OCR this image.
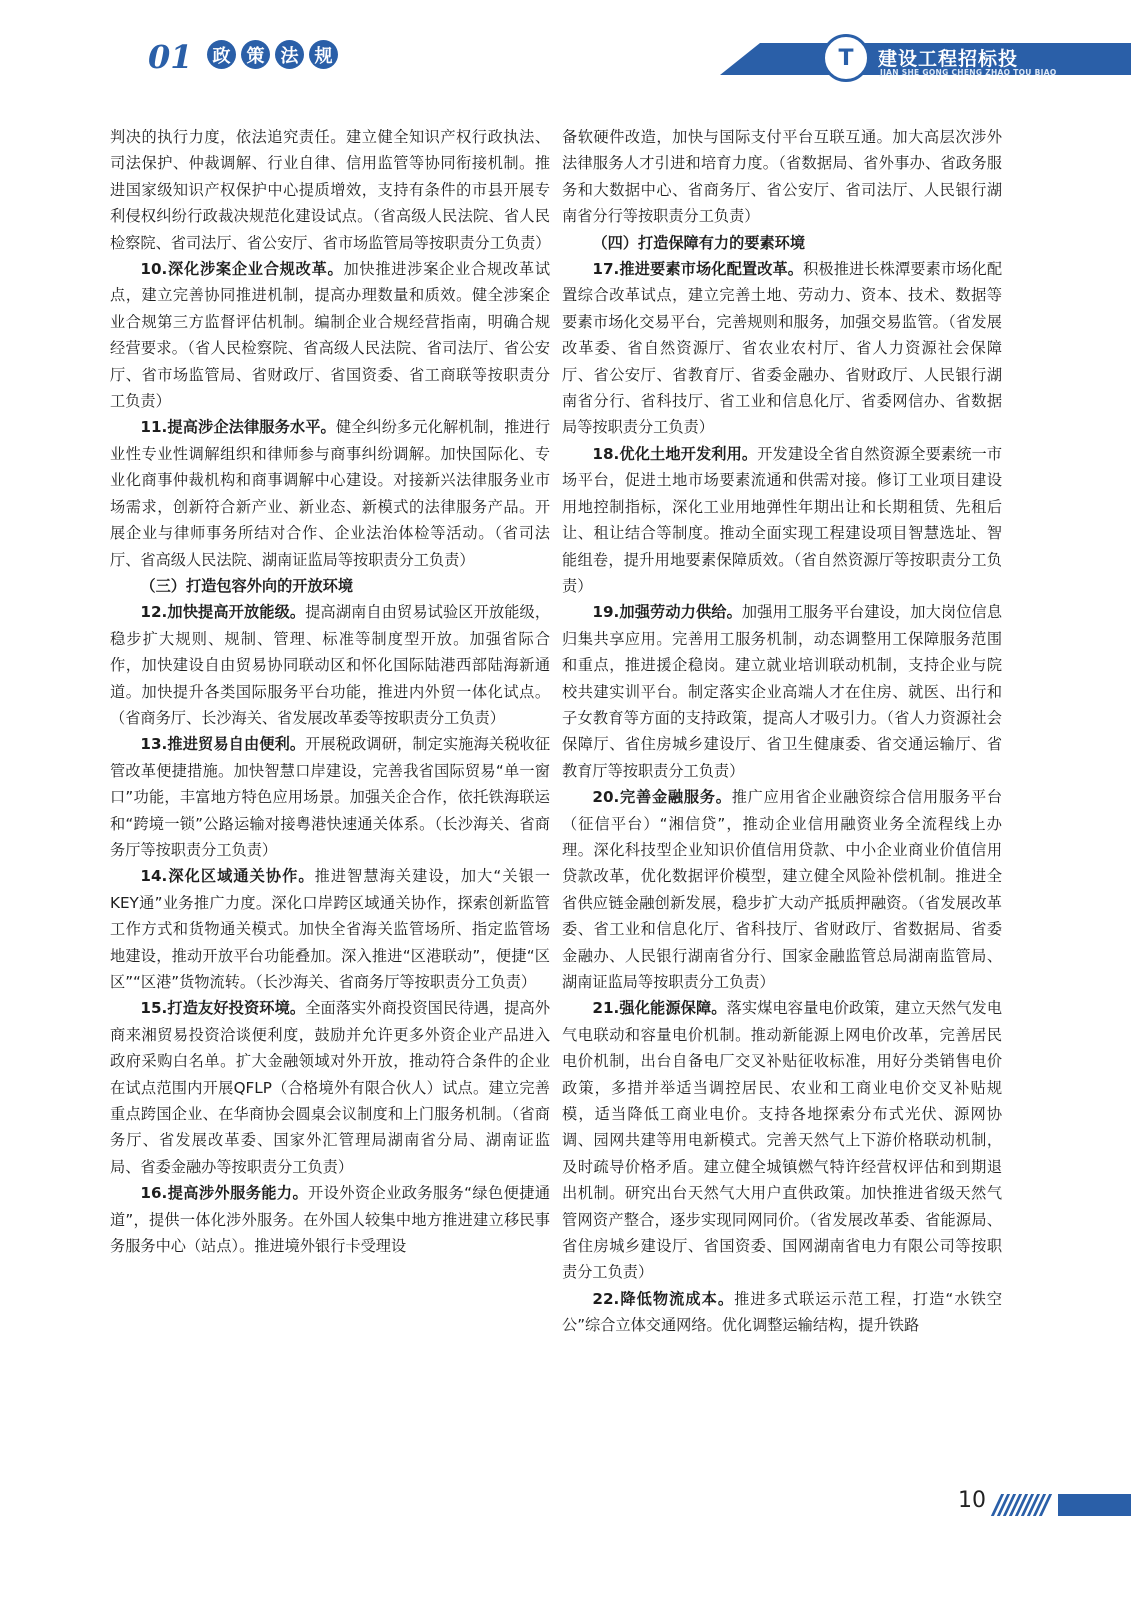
01	政 策 法 规	T	建设工程招标投
JIAN SHE GONG CHENG ZHAO TOU BIAO

判决的执行力度，依法追究责任。建立健全知识产权行政执法、司法保护、仲裁调解、行业自律、信用监管等协同衔接机制。推进国家级知识产权保护中心提质增效，支持有条件的市县开展专利侵权纠纷行政裁决规范化建设试点。（省高级人民法院、省人民检察院、省司法厅、省公安厅、省市场监管局等按职责分工负责）

10.深化涉案企业合规改革。加快推进涉案企业合规改革试点，建立完善协同推进机制，提高办理数量和质效。健全涉案企业合规第三方监督评估机制。编制企业合规经营指南，明确合规经营要求。（省人民检察院、省高级人民法院、省司法厅、省公安厅、省市场监管局、省财政厅、省国资委、省工商联等按职责分工负责）

11.提高涉企法律服务水平。健全纠纷多元化解机制，推进行业性专业性调解组织和律师参与商事纠纷调解。加快国际化、专业化商事仲裁机构和商事调解中心建设。对接新兴法律服务业市场需求，创新符合新产业、新业态、新模式的法律服务产品。开展企业与律师事务所结对合作、企业法治体检等活动。（省司法厅、省高级人民法院、湖南证监局等按职责分工负责）

（三）打造包容外向的开放环境

12.加快提高开放能级。提高湖南自由贸易试验区开放能级，稳步扩大规则、规制、管理、标准等制度型开放。加强省际合作，加快建设自由贸易协同联动区和怀化国际陆港西部陆海新通道。加快提升各类国际服务平台功能，推进内外贸一体化试点。（省商务厅、长沙海关、省发展改革委等按职责分工负责）

13.推进贸易自由便利。开展税政调研，制定实施海关税收征管改革便捷措施。加快智慧口岸建设，完善我省国际贸易“单一窗口”功能，丰富地方特色应用场景。加强关企合作，依托铁海联运和“跨境一锁”公路运输对接粤港快速通关体系。（长沙海关、省商务厅等按职责分工负责）

14.深化区域通关协作。推进智慧海关建设，加大“关银一KEY通”业务推广力度。深化口岸跨区域通关协作，探索创新监管工作方式和货物通关模式。加快全省海关监管场所、指定监管场地建设，推动开放平台功能叠加。深入推进“区港联动”，便捷“区区”“区港”货物流转。（长沙海关、省商务厅等按职责分工负责）

15.打造友好投资环境。全面落实外商投资国民待遇，提高外商来湘贸易投资洽谈便利度，鼓励并允许更多外资企业产品进入政府采购白名单。扩大金融领域对外开放，推动符合条件的企业在试点范围内开展QFLP（合格境外有限合伙人）试点。建立完善重点跨国企业、在华商协会圆桌会议制度和上门服务机制。（省商务厅、省发展改革委、国家外汇管理局湖南省分局、湖南证监局、省委金融办等按职责分工负责）

16.提高涉外服务能力。开设外资企业政务服务“绿色便捷通道”，提供一体化涉外服务。在外国人较集中地方推进建立移民事务服务中心（站点）。推进境外银行卡受理设

备软硬件改造，加快与国际支付平台互联互通。加大高层次涉外法律服务人才引进和培育力度。（省数据局、省外事办、省政务服务和大数据中心、省商务厅、省公安厅、省司法厅、人民银行湖南省分行等按职责分工负责）

（四）打造保障有力的要素环境

17.推进要素市场化配置改革。积极推进长株潭要素市场化配置综合改革试点，建立完善土地、劳动力、资本、技术、数据等要素市场化交易平台，完善规则和服务，加强交易监管。（省发展改革委、省自然资源厅、省农业农村厅、省人力资源社会保障厅、省公安厅、省教育厅、省委金融办、省财政厅、人民银行湖南省分行、省科技厅、省工业和信息化厅、省委网信办、省数据局等按职责分工负责）

18.优化土地开发利用。开发建设全省自然资源全要素统一市场平台，促进土地市场要素流通和供需对接。修订工业项目建设用地控制指标，深化工业用地弹性年期出让和长期租赁、先租后让、租让结合等制度。推动全面实现工程建设项目智慧选址、智能组卷，提升用地要素保障质效。（省自然资源厅等按职责分工负责）

19.加强劳动力供给。加强用工服务平台建设，加大岗位信息归集共享应用。完善用工服务机制，动态调整用工保障服务范围和重点，推进援企稳岗。建立就业培训联动机制，支持企业与院校共建实训平台。制定落实企业高端人才在住房、就医、出行和子女教育等方面的支持政策，提高人才吸引力。（省人力资源社会保障厅、省住房城乡建设厅、省卫生健康委、省交通运输厅、省教育厅等按职责分工负责）

20.完善金融服务。推广应用省企业融资综合信用服务平台（征信平台）“湘信贷”，推动企业信用融资业务全流程线上办理。深化科技型企业知识价值信用贷款、中小企业商业价值信用贷款改革，优化数据评价模型，建立健全风险补偿机制。推进全省供应链金融创新发展，稳步扩大动产抵质押融资。（省发展改革委、省工业和信息化厅、省科技厅、省财政厅、省数据局、省委金融办、人民银行湖南省分行、国家金融监管总局湖南监管局、湖南证监局等按职责分工负责）

21.强化能源保障。落实煤电容量电价政策，建立天然气发电气电联动和容量电价机制。推动新能源上网电价改革，完善居民电价机制，出台自备电厂交叉补贴征收标准，用好分类销售电价政策，多措并举适当调控居民、农业和工商业电价交叉补贴规模，适当降低工商业电价。支持各地探索分布式光伏、源网协调、园网共建等用电新模式。完善天然气上下游价格联动机制，及时疏导价格矛盾。建立健全城镇燃气特许经营权评估和到期退出机制。研究出台天然气大用户直供政策。加快推进省级天然气管网资产整合，逐步实现同网同价。（省发展改革委、省能源局、省住房城乡建设厅、省国资委、国网湖南省电力有限公司等按职责分工负责）

22.降低物流成本。推进多式联运示范工程，打造“水铁空公”综合立体交通网络。优化调整运输结构，提升铁路

10
